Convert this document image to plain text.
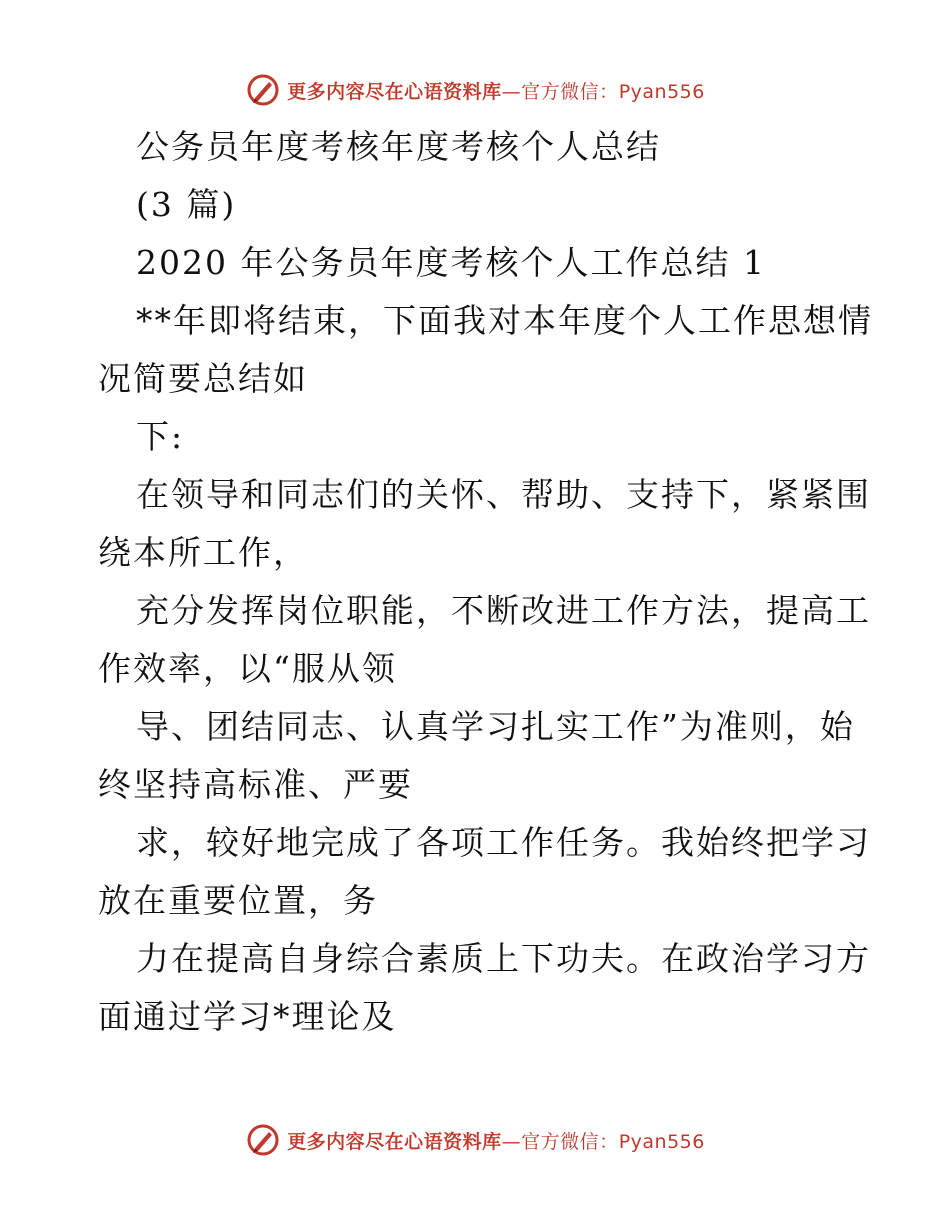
更多内容尽在心语资料库—官方微信：Pyan556
公务员年度考核年度考核个人总结
(3 篇)
2020 年公务员年度考核个人工作总结 1
**年即将结束，下面我对本年度个人工作思想情
况简要总结如
下:
在领导和同志们的关怀、帮助、支持下，紧紧围
绕本所工作，
充分发挥岗位职能，不断改进工作方法，提高工
作效率，以“服从领
导、团结同志、认真学习扎实工作”为准则，始
终坚持高标准、严要
求，较好地完成了各项工作任务。我始终把学习
放在重要位置，务
力在提高自身综合素质上下功夫。在政治学习方
面通过学习*理论及
更多内容尽在心语资料库—官方微信：Pyan556
